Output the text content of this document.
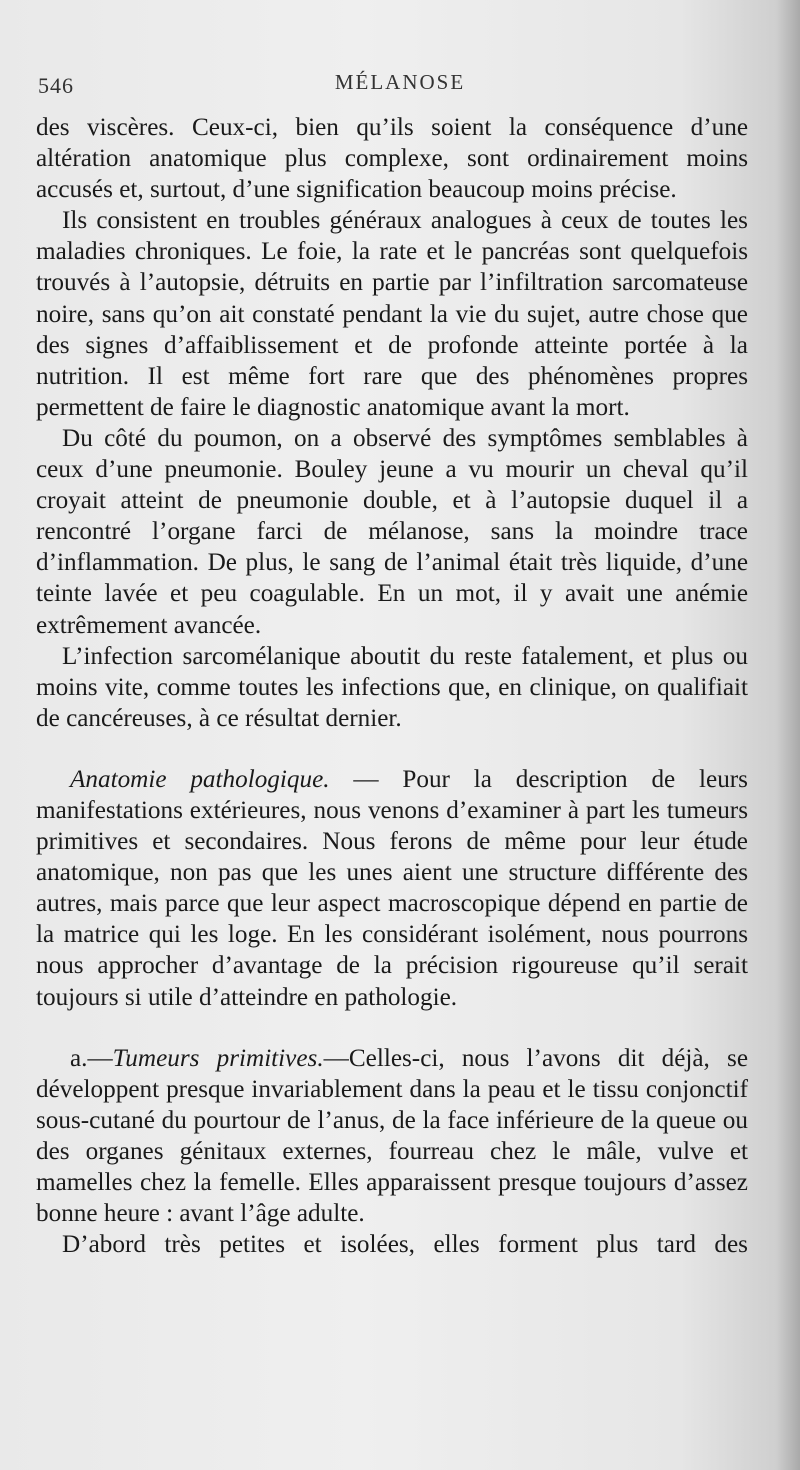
546	MÉLANOSE

des viscères. Ceux-ci, bien qu’ils soient la conséquence d’une altération anatomique plus complexe, sont ordinairement moins accusés et, surtout, d’une signification beaucoup moins précise.

Ils consistent en troubles généraux analogues à ceux de toutes les maladies chroniques. Le foie, la rate et le pancréas sont quelquefois trouvés à l’autopsie, détruits en partie par l’infiltration sarcomateuse noire, sans qu’on ait constaté pendant la vie du sujet, autre chose que des signes d’affaiblissement et de profonde atteinte portée à la nutrition. Il est même fort rare que des phénomènes propres permettent de faire le diagnostic anatomique avant la mort.

Du côté du poumon, on a observé des symptômes semblables à ceux d’une pneumonie. Bouley jeune a vu mourir un cheval qu’il croyait atteint de pneumonie double, et à l’autopsie duquel il a rencontré l’organe farci de mélanose, sans la moindre trace d’inflammation. De plus, le sang de l’animal était très liquide, d’une teinte lavée et peu coagulable. En un mot, il y avait une anémie extrêmement avancée.

L’infection sarcomélanique aboutit du reste fatalement, et plus ou moins vite, comme toutes les infections que, en clinique, on qualifiait de cancéreuses, à ce résultat dernier.

Anatomie pathologique. — Pour la description de leurs manifestations extérieures, nous venons d’examiner à part les tumeurs primitives et secondaires. Nous ferons de même pour leur étude anatomique, non pas que les unes aient une structure différente des autres, mais parce que leur aspect macroscopique dépend en partie de la matrice qui les loge. En les considérant isolément, nous pourrons nous approcher d’avantage de la précision rigoureuse qu’il serait toujours si utile d’atteindre en pathologie.

a.—Tumeurs primitives.—Celles-ci, nous l’avons dit déjà, se développent presque invariablement dans la peau et le tissu conjonctif sous-cutané du pourtour de l’anus, de la face inférieure de la queue ou des organes génitaux externes, fourreau chez le mâle, vulve et mamelles chez la femelle. Elles apparaissent presque toujours d’assez bonne heure : avant l’âge adulte.

D’abord très petites et isolées, elles forment plus tard des
